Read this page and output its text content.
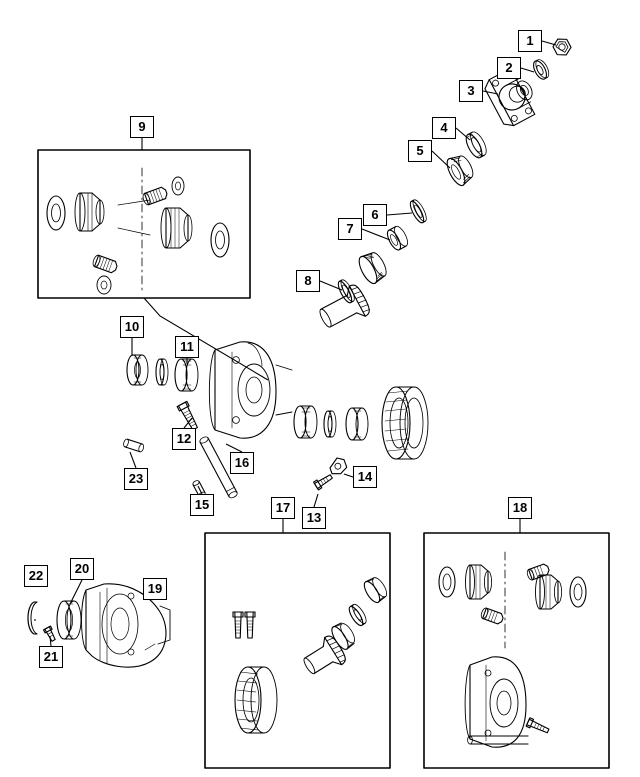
1
2
3
4
5
6
7
8
9
10
11
12
13
14
15
16
17	18
19
20
21
22
23
